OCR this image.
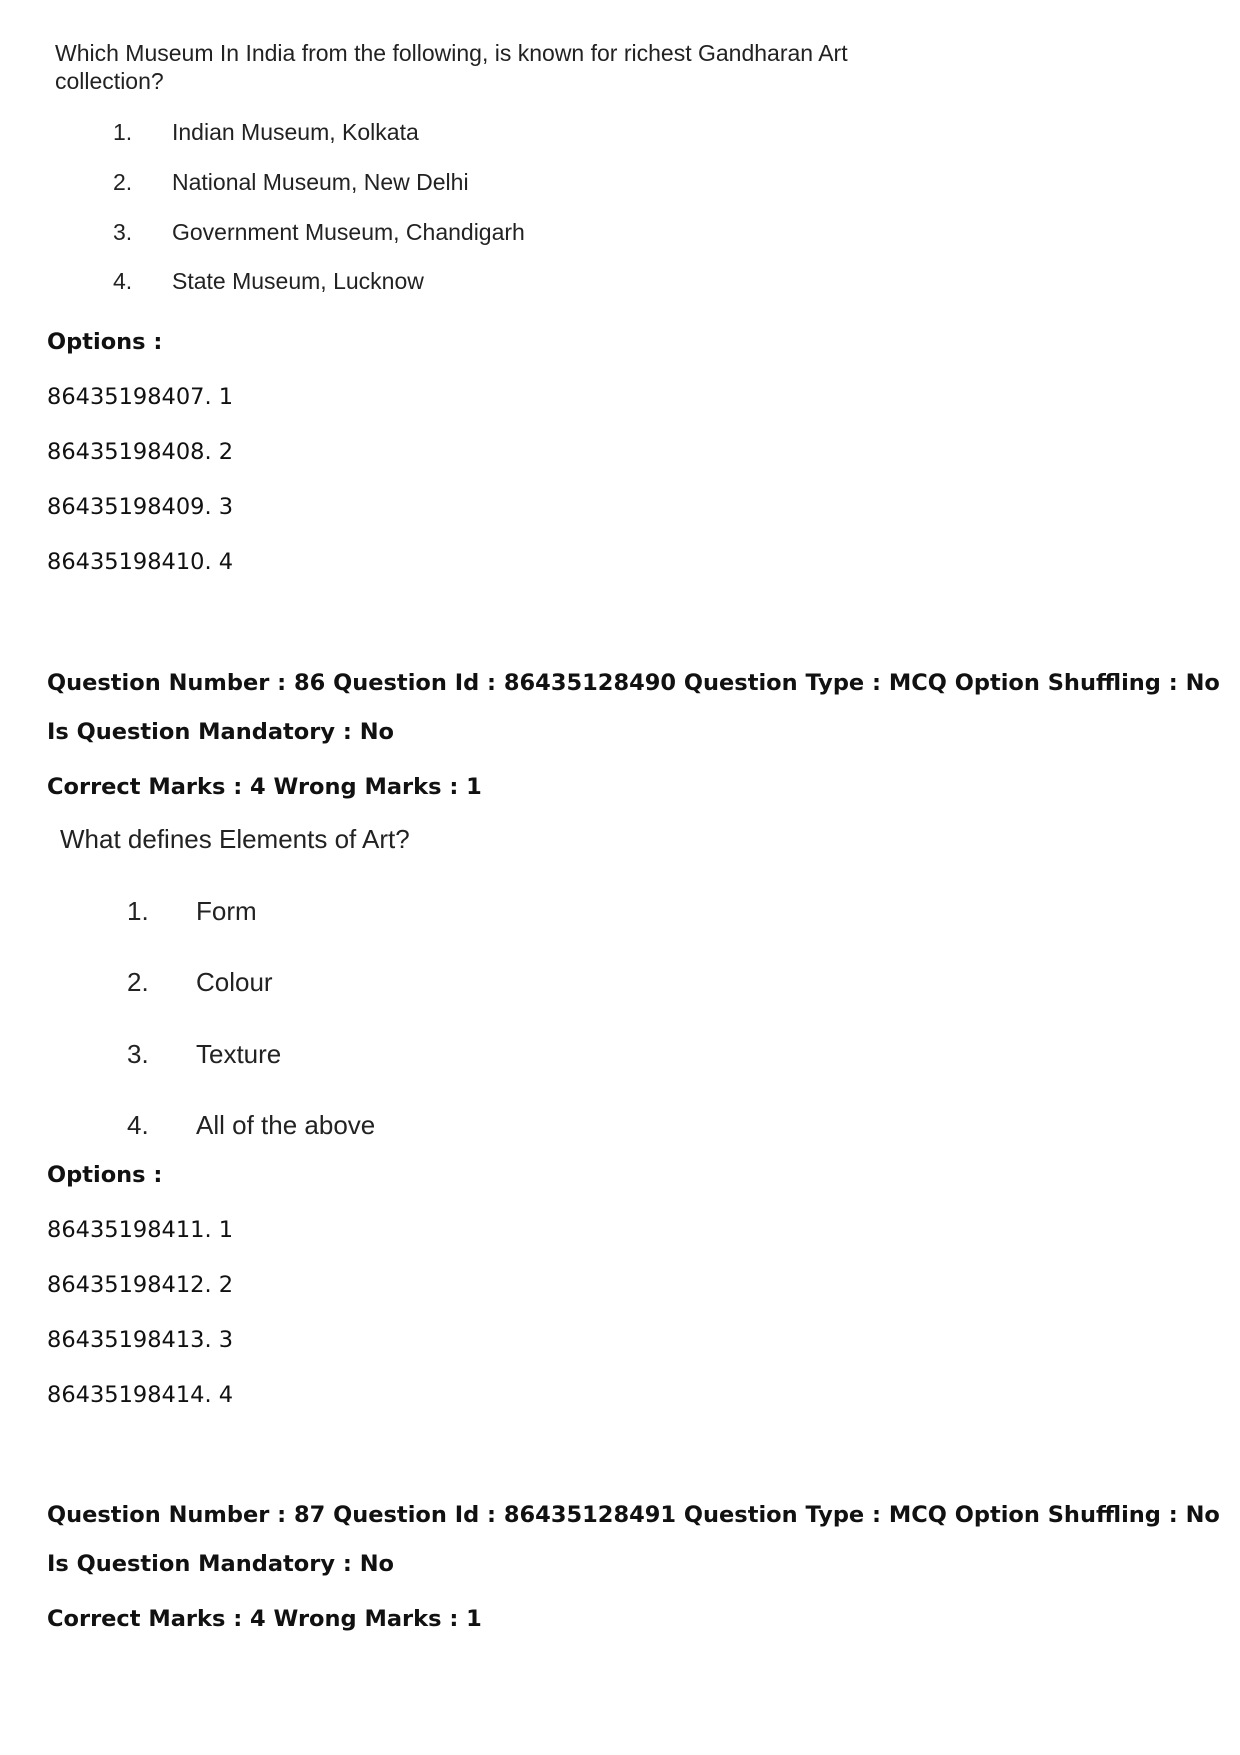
Which Museum In India from the following, is known for richest Gandharan Art
collection?
1. Indian Museum, Kolkata
2. National Museum, New Delhi
3. Government Museum, Chandigarh
4. State Museum, Lucknow
Options :
86435198407. 1
86435198408. 2
86435198409. 3
86435198410. 4
Question Number : 86 Question Id : 86435128490 Question Type : MCQ Option Shuffling : No
Is Question Mandatory : No
Correct Marks : 4 Wrong Marks : 1
What defines Elements of Art?
1. Form
2. Colour
3. Texture
4. All of the above
Options :
86435198411. 1
86435198412. 2
86435198413. 3
86435198414. 4
Question Number : 87 Question Id : 86435128491 Question Type : MCQ Option Shuffling : No
Is Question Mandatory : No
Correct Marks : 4 Wrong Marks : 1
